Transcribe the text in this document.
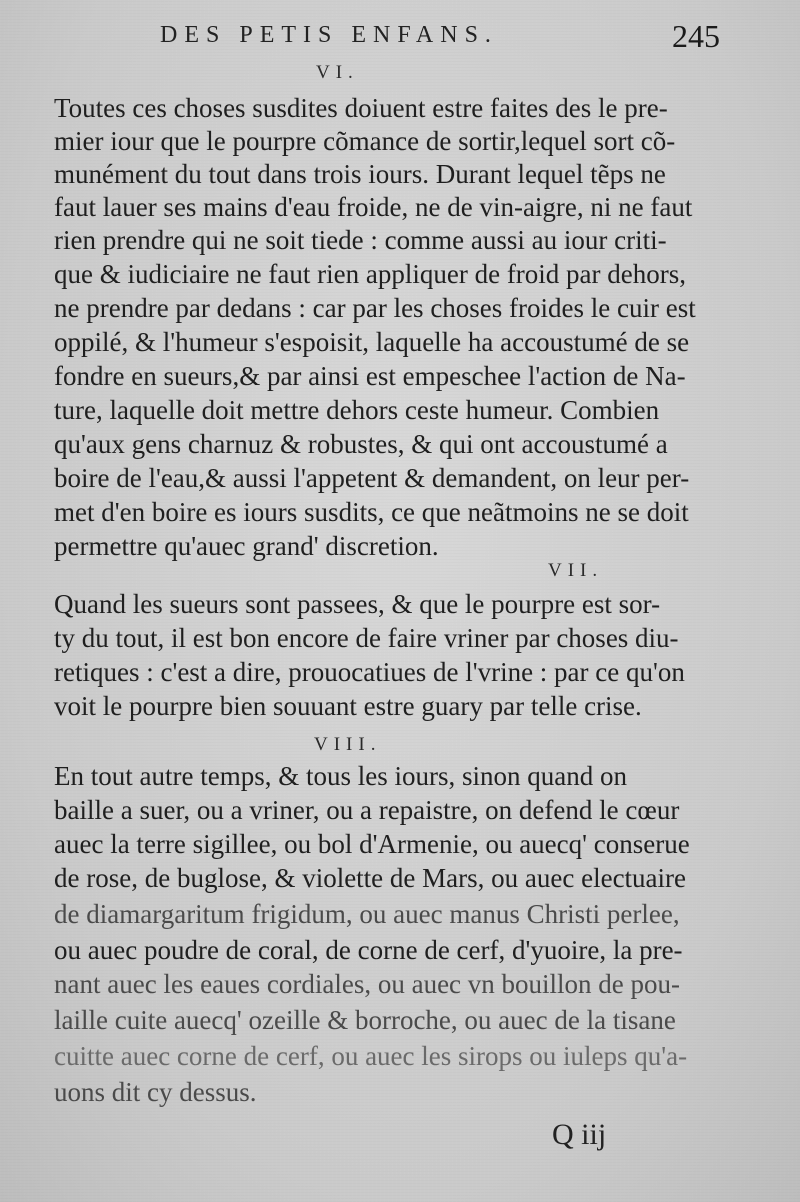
DES PETIS ENFANS.	245
VI.
Toutes ces choses susdites doiuent estre faites des le pre-
mier iour que le pourpre cõmance de sortir,lequel sort cõ-
munément du tout dans trois iours. Durant lequel tẽps ne
faut lauer ses mains d'eau froide, ne de vin-aigre, ni ne faut
rien prendre qui ne soit tiede : comme aussi au iour criti-
que & iudiciaire ne faut rien appliquer de froid par dehors,
ne prendre par dedans : car par les choses froides le cuir est
oppilé, & l'humeur s'espoisit, laquelle ha accoustumé de se
fondre en sueurs,& par ainsi est empeschee l'action de Na-
ture, laquelle doit mettre dehors ceste humeur. Combien
qu'aux gens charnuz & robustes, & qui ont accoustumé a
boire de l'eau,& aussi l'appetent & demandent, on leur per-
met d'en boire es iours susdits, ce que neãtmoins ne se doit
permettre qu'auec grand' discretion.
VII.
Quand les sueurs sont passees, & que le pourpre est sor-
ty du tout, il est bon encore de faire vriner par choses diu-
retiques : c'est a dire, prouocatiues de l'vrine : par ce qu'on
voit le pourpre bien souuant estre guary par telle crise.
VIII.
En tout autre temps, & tous les iours, sinon quand on
baille a suer, ou a vriner, ou a repaistre, on defend le cœur
auec la terre sigillee, ou bol d'Armenie, ou auecq' conserue
de rose, de buglose, & violette de Mars, ou auec electuaire
de diamargaritum frigidum, ou auec manus Christi perlee,
ou auec poudre de coral, de corne de cerf, d'yuoire, la pre-
nant auec les eaues cordiales, ou auec vn bouillon de pou-
laille cuite auecq' ozeille & borroche, ou auec de la tisane
cuitte auec corne de cerf, ou auec les sirops ou iuleps qu'a-
uons dit cy dessus.
Q iij
